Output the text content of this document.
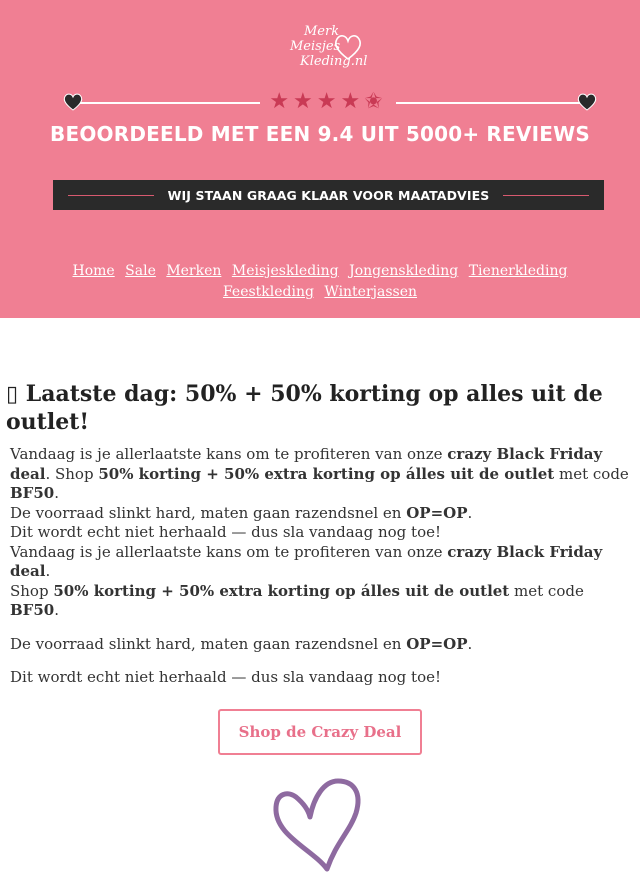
Merk
Meisjes
Kleding.nl
★★★★✬
BEOORDEELD MET EEN 9.4 UIT 5000+ REVIEWS
WIJ STAAN GRAAG KLAAR VOOR MAATADVIES
Home Sale Merken Meisjeskleding Jongenskleding Tienerkleding Feestkleding Winterjassen
▯ Laatste dag: 50% + 50% korting op alles uit de outlet!

Vandaag is je allerlaatste kans om te profiteren van onze crazy Black Friday deal. Shop 50% korting + 50% extra korting op álles uit de outlet met code BF50.

De voorraad slinkt hard, maten gaan razendsnel en OP=OP.

Dit wordt echt niet herhaald — dus sla vandaag nog toe!

Vandaag is je allerlaatste kans om te profiteren van onze crazy Black Friday deal.

Shop 50% korting + 50% extra korting op álles uit de outlet met code BF50.

De voorraad slinkt hard, maten gaan razendsnel en OP=OP.

Dit wordt echt niet herhaald — dus sla vandaag nog toe!

Shop de Crazy Deal
